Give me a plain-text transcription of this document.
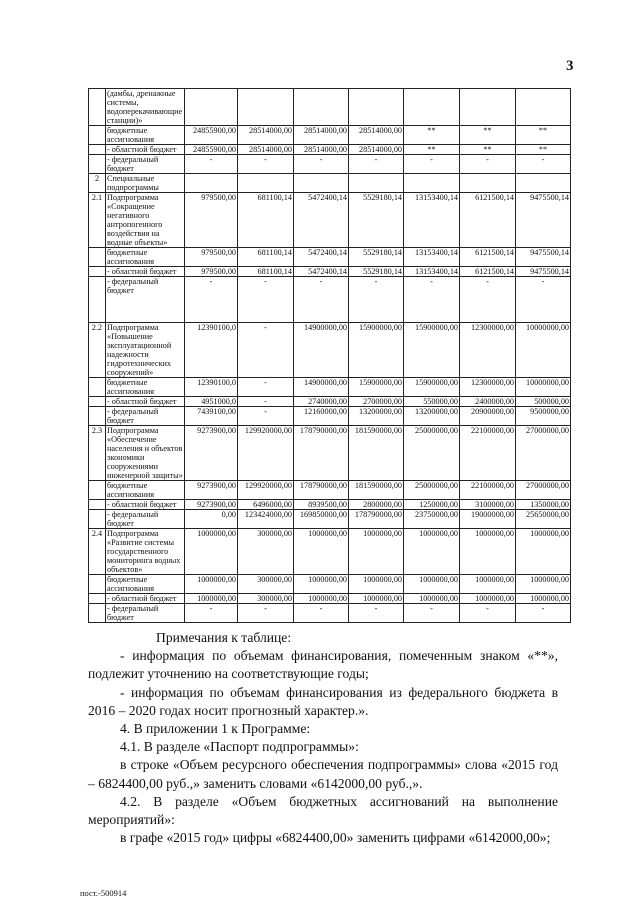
3
	(дамбы, дренажные системы, водоперекачивающие станции)»							
	бюджетные ассигнования	24855900,00	28514000,00	28514000,00	28514000,00	**	**	**
	- областной бюджет	24855900,00	28514000,00	28514000,00	28514000,00	**	**	**
	- федеральный бюджет	-	-	-	-	-	-	-
2	Специальные подпрограммы							
2.1	Подпрограмма «Сокращение негативного антропогенного воздействия на водные объекты»	979500,00	681100,14	5472400,14	5529180,14	13153400,14	6121500,14	9475500,14
	бюджетные ассигнования	979500,00	681100,14	5472400,14	5529180,14	13153400,14	6121500,14	9475500,14
	- областной бюджет	979500,00	681100,14	5472400,14	5529180,14	13153400,14	6121500,14	9475500,14
	- федеральный бюджет	-	-	-	-	-	-	-
2.2	Подпрограмма «Повышение эксплуатационной надежности гидротехнических сооружений»	12390100,0	-	14900000,00	15900000,00	15900000,00	12300000,00	10000000,00
	бюджетные ассигнования	12390100,0	-	14900000,00	15900000,00	15900000,00	12300000,00	10000000,00
	- областной бюджет	4951000,0	-	2740000,00	2700000,00	550000,00	2400000,00	500000,00
	- федеральный бюджет	7439100,00	-	12160000,00	13200000,00	13200000,00	20900000,00	9500000,00
2.3	Подпрограмма «Обеспечение населения и объектов экономики сооружениями инженерной защиты»	9273900,00	129920000,00	178790000,00	181590000,00	25000000,00	22100000,00	27000000,00
	бюджетные ассигнования	9273900,00	129920000,00	178790000,00	181590000,00	25000000,00	22100000,00	27000000,00
	- областной бюджет	9273900,00	6496000,00	8939500,00	2800000,00	1250000,00	3100000,00	1350000,00
	- федеральный бюджет	0,00	123424000,00	169850000,00	178790000,00	23750000,00	19000000,00	25650000,00
2.4	Подпрограмма «Развитие системы государственного мониторинга водных объектов»	1000000,00	300000,00	1000000,00	1000000,00	1000000,00	1000000,00	1000000,00
	бюджетные ассигнования	1000000,00	300000,00	1000000,00	1000000,00	1000000,00	1000000,00	1000000,00
	- областной бюджет	1000000,00	300000,00	1000000,00	1000000,00	1000000,00	1000000,00	1000000,00
	- федеральный бюджет	-	-	-	-	-	-	-

Примечания к таблице:

- информация по объемам финансирования, помеченным знаком «**», подлежит уточнению на соответствующие годы;

- информация по объемам финансирования из федерального бюджета в 2016 – 2020 годах носит прогнозный характер.».

4. В приложении 1 к Программе:

4.1. В разделе «Паспорт подпрограммы»:

в строке «Объем ресурсного обеспечения подпрограммы» слова «2015 год – 6824400,00 руб.,» заменить словами «6142000,00 руб.,».

4.2. В разделе «Объем бюджетных ассигнований на выполнение мероприятий»:

в графе «2015 год» цифры «6824400,00» заменить цифрами «6142000,00»;

пост.-500914
